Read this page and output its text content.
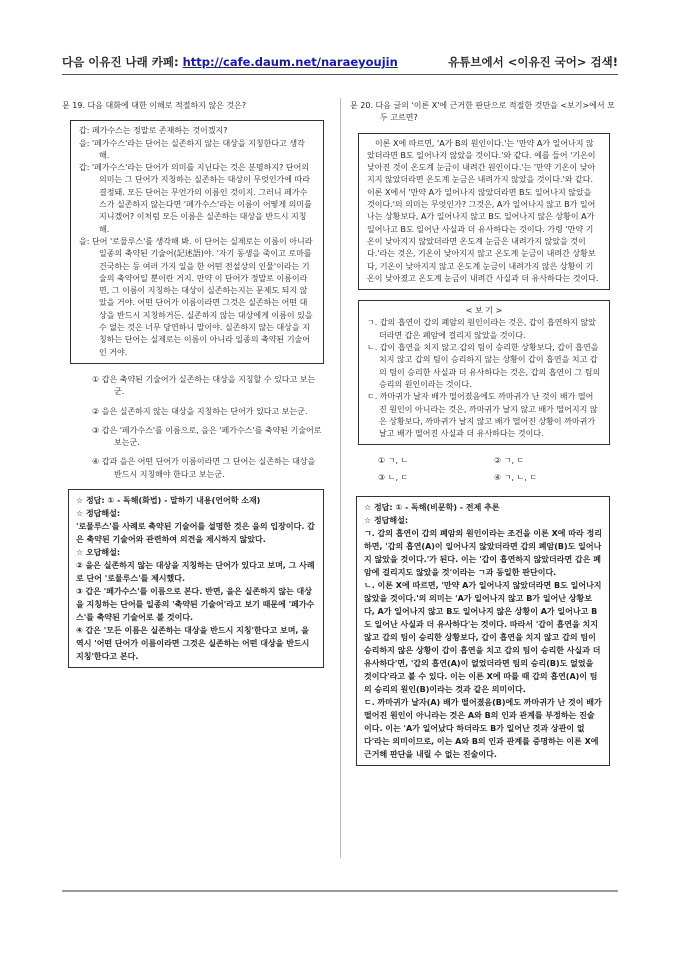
다음 이유진 나래 카페: http://cafe.daum.net/naraeyoujin	유튜브에서 <이유진 국어> 검색!

문 19. 다음 대화에 대한 이해로 적절하지 않은 것은?

갑: 페가수스는 정말로 존재하는 것이겠지?

을: '페가수스'라는 단어는 실존하지 않는 대상을 지칭한다고 생각해.

갑: '페가수스'라는 단어가 의미를 지닌다는 것은 분명하지? 단어의 의미는 그 단어가 지칭하는 실존하는 대상이 무엇인가에 따라 결정돼. 모든 단어는 무언가의 이름인 것이지. 그러니 페가수스가 실존하지 않는다면 '페가수스'라는 이름이 어떻게 의미를 지니겠어? 이처럼 모든 이름은 실존하는 대상을 반드시 지칭해.

을: 단어 '로물루스'를 생각해 봐. 이 단어는 실제로는 이름이 아니라 일종의 축약된 기술어(記述語)야. '자기 동생을 죽이고 로마를 건국하는 등 여러 가지 일을 한 어떤 전설상의 인물'이라는 기술의 축약어일 뿐이란 거지. 만약 이 단어가 정말로 이름이라면, 그 이름이 지칭하는 대상이 실존하는지는 문제도 되지 않았을 거야. 어떤 단어가 이름이라면 그것은 실존하는 어떤 대상을 반드시 지칭하거든. 실존하지 않는 대상에게 이름이 있을 수 없는 것은 너무 당연하니 말이야. 실존하지 않는 대상을 지칭하는 단어는 실제로는 이름이 아니라 일종의 축약된 기술어인 거야.

① 갑은 축약된 기술어가 실존하는 대상을 지칭할 수 있다고 보는군.

② 을은 실존하지 않는 대상을 지칭하는 단어가 있다고 보는군.

③ 갑은 '페가수스'를 이름으로, 을은 '페가수스'를 축약된 기술어로 보는군.

④ 갑과 을은 어떤 단어가 이름이라면 그 단어는 실존하는 대상을 반드시 지칭해야 한다고 보는군.

☆ 정답: ① - 독해(화법) - 말하기 내용(언어학 소재)

☆ 정답해설:

'로물루스'를 사례로 축약된 기술어를 설명한 것은 을의 입장이다. 갑은 축약된 기술어와 관련하여 의견을 제시하지 않았다.

☆ 오답해설:

② 을은 실존하지 않는 대상을 지칭하는 단어가 있다고 보며, 그 사례로 단어 '로물루스'를 제시했다.

③ 갑은 '페가수스'를 이름으로 본다. 반면, 을은 실존하지 않는 대상을 지칭하는 단어를 일종의 '축약된 기술어'라고 보기 때문에 '페가수스'를 축약된 기술어로 볼 것이다.

④ 갑은 '모든 이름은 실존하는 대상을 반드시 지칭'한다고 보며, 을 역시 '어떤 단어가 이름이라면 그것은 실존하는 어떤 대상을 반드시 지칭'한다고 본다.

문 20. 다음 글의 '이론 X'에 근거한 판단으로 적절한 것만을 <보기>에서 모두 고르면?

이론 X에 따르면, 'A가 B의 원인이다.'는 '만약 A가 일어나지 않았더라면 B도 일어나지 않았을 것이다.'와 같다. 예를 들어 '기온이 낮아진 것이 온도계 눈금이 내려간 원인이다.'는 '만약 기온이 낮아지지 않았더라면 온도계 눈금은 내려가지 않았을 것이다.'와 같다. 이론 X에서 '만약 A가 일어나지 않았더라면 B도 일어나지 않았을 것이다.'의 의미는 무엇인가? 그것은, A가 일어나지 않고 B가 일어나는 상황보다, A가 일어나지 않고 B도 일어나지 않은 상황이 A가 일어나고 B도 일어난 사실과 더 유사하다는 것이다. 가령 '만약 기온이 낮아지지 않았더라면 온도계 눈금은 내려가지 않았을 것이다.'라는 것은, 기온이 낮아지지 않고 온도계 눈금이 내려간 상황보다, 기온이 낮아지지 않고 온도계 눈금이 내려가지 않은 상황이 기온이 낮아졌고 온도계 눈금이 내려간 사실과 더 유사하다는 것이다.

< 보 기 >

ㄱ. 갑의 흡연이 갑의 폐암의 원인이라는 것은, 갑이 흡연하지 않았더라면 갑은 폐암에 걸리지 않았을 것이다.

ㄴ. 갑이 흡연을 치지 않고 갑의 팀이 승리한 상황보다, 갑이 흡연을 치지 않고 갑의 팀이 승리하지 않는 상황이 갑이 흡연을 치고 갑의 팀이 승리한 사실과 더 유사하다는 것은, 갑의 흡연이 그 팀의 승리의 원인이라는 것이다.

ㄷ. 까마귀가 날자 배가 떨어졌음에도 까마귀가 난 것이 배가 떨어진 원인이 아니라는 것은, 까마귀가 날지 않고 배가 떨어지지 않은 상황보다, 까마귀가 날지 않고 배가 떨어진 상황이 까마귀가 날고 배가 떨어진 사실과 더 유사하다는 것이다.

① ㄱ, ㄴ	② ㄱ, ㄷ
③ ㄴ, ㄷ	④ ㄱ, ㄴ, ㄷ

☆ 정답: ① - 독해(비문학) - 전제 추론

☆ 정답해설:

ㄱ. 갑의 흡연이 갑의 폐암의 원인이라는 조건을 이론 X에 따라 정리하면, '갑의 흡연(A)이 일어나지 않았더라면 갑의 폐암(B)도 일어나지 않았을 것이다.'가 된다. 이는 '갑이 흡연하지 않았더라면 갑은 폐암에 걸리지도 않았을 것'이라는 ㄱ과 동일한 판단이다.

ㄴ. 이론 X에 따르면, '만약 A가 일어나지 않았더라면 B도 일어나지 않았을 것이다.'의 의미는 'A가 일어나지 않고 B가 일어난 상황보다, A가 일어나지 않고 B도 일어나지 않은 상황이 A가 일어나고 B도 일어난 사실과 더 유사하다'는 것이다. 따라서 '갑이 흡연을 치지 않고 갑의 팀이 승리한 상황보다, 갑이 흡연을 치지 않고 갑의 팀이 승리하지 않은 상황이 갑이 흡연을 치고 갑의 팀이 승리한 사실과 더 유사하다'면, '갑의 흡연(A)이 없었더라면 팀의 승리(B)도 없었을 것이다'라고 볼 수 있다. 이는 이론 X에 따를 때 갑의 흡연(A)이 팀의 승리의 원인(B)이라는 것과 같은 의미이다.

ㄷ. 까마귀가 날자(A) 배가 떨어졌음(B)에도 까마귀가 난 것이 배가 떨어진 원인이 아니라는 것은 A와 B의 인과 관계를 부정하는 진술이다. 이는 'A가 일어났다 하더라도 B가 일어난 것과 상관이 없다'라는 의미이므로, 이는 A와 B의 인과 관계를 증명하는 이론 X에 근거해 판단을 내릴 수 없는 진술이다.
